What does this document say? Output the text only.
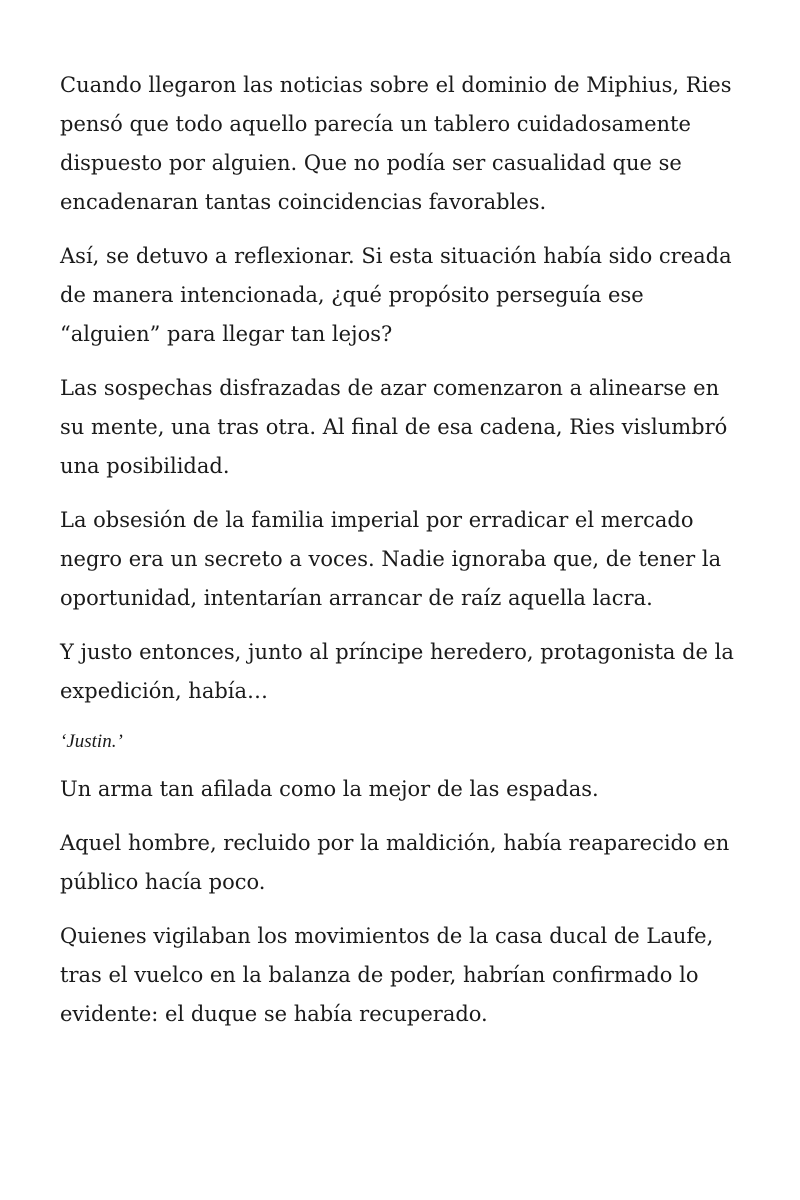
Cuando llegaron las noticias sobre el dominio de Miphius, Ries pensó que todo aquello parecía un tablero cuidadosamente dispuesto por alguien. Que no podía ser casualidad que se encadenaran tantas coincidencias favorables.

Así, se detuvo a reflexionar. Si esta situación había sido creada de manera intencionada, ¿qué propósito perseguía ese “alguien” para llegar tan lejos?

Las sospechas disfrazadas de azar comenzaron a alinearse en su mente, una tras otra. Al final de esa cadena, Ries vislumbró una posibilidad.

La obsesión de la familia imperial por erradicar el mercado negro era un secreto a voces. Nadie ignoraba que, de tener la oportunidad, intentarían arrancar de raíz aquella lacra.

Y justo entonces, junto al príncipe heredero, protagonista de la expedición, había…

‘Justin.’

Un arma tan afilada como la mejor de las espadas.

Aquel hombre, recluido por la maldición, había reaparecido en público hacía poco.

Quienes vigilaban los movimientos de la casa ducal de Laufe, tras el vuelco en la balanza de poder, habrían confirmado lo evidente: el duque se había recuperado.
